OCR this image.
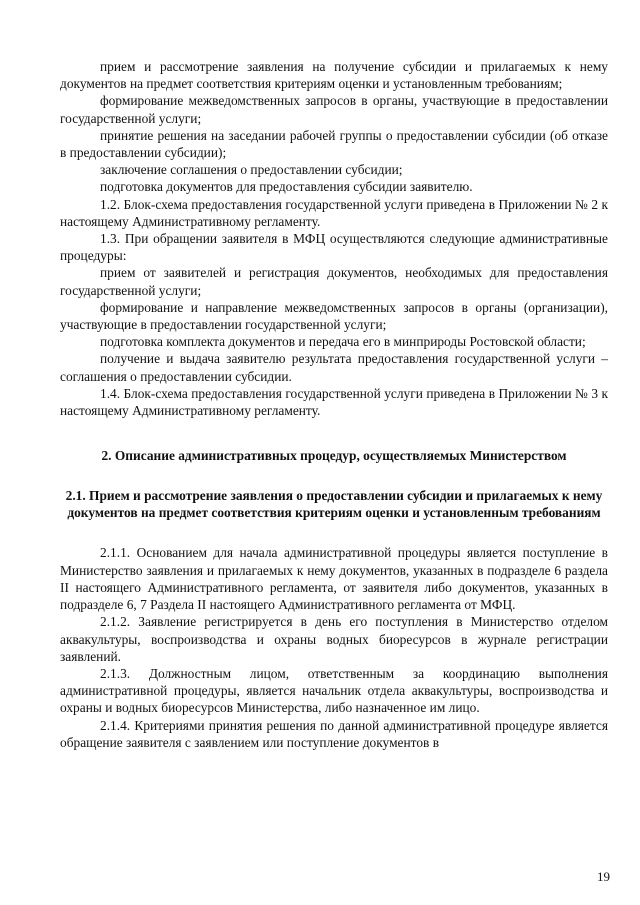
прием и рассмотрение заявления на получение субсидии и прилагаемых к нему документов на предмет соответствия критериям оценки и установленным требованиям;

формирование межведомственных запросов в органы, участвующие в предоставлении государственной услуги;

принятие решения на заседании рабочей группы о предоставлении субсидии (об отказе в предоставлении субсидии);

заключение соглашения о предоставлении субсидии;

подготовка документов для предоставления субсидии заявителю.

1.2. Блок-схема предоставления государственной услуги приведена в Приложении № 2 к настоящему Административному регламенту.

1.3. При обращении заявителя в МФЦ осуществляются следующие административные процедуры:

прием от заявителей и регистрация документов, необходимых для предоставления государственной услуги;

формирование и направление межведомственных запросов в органы (организации), участвующие в предоставлении государственной услуги;

подготовка комплекта документов и передача его в минприроды Ростовской области;

получение и выдача заявителю результата предоставления государственной услуги – соглашения о предоставлении субсидии.

1.4. Блок-схема предоставления государственной услуги приведена в Приложении № 3 к настоящему Административному регламенту.

2. Описание административных процедур, осуществляемых Министерством

2.1. Прием и рассмотрение заявления о предоставлении субсидии и прилагаемых к нему документов на предмет соответствия критериям оценки и установленным требованиям

2.1.1. Основанием для начала административной процедуры является поступление в Министерство заявления и прилагаемых к нему документов, указанных в подразделе 6 раздела II настоящего Административного регламента, от заявителя либо документов, указанных в подразделе 6, 7 Раздела II настоящего Административного регламента от МФЦ.

2.1.2. Заявление регистрируется в день его поступления в Министерство отделом аквакультуры, воспроизводства и охраны водных биоресурсов в журнале регистрации заявлений.

2.1.3. Должностным лицом, ответственным за координацию выполнения административной процедуры, является начальник отдела аквакультуры, воспроизводства и охраны и водных биоресурсов Министерства, либо назначенное им лицо.

2.1.4. Критериями принятия решения по данной административной процедуре является обращение заявителя с заявлением или поступление документов в

19
